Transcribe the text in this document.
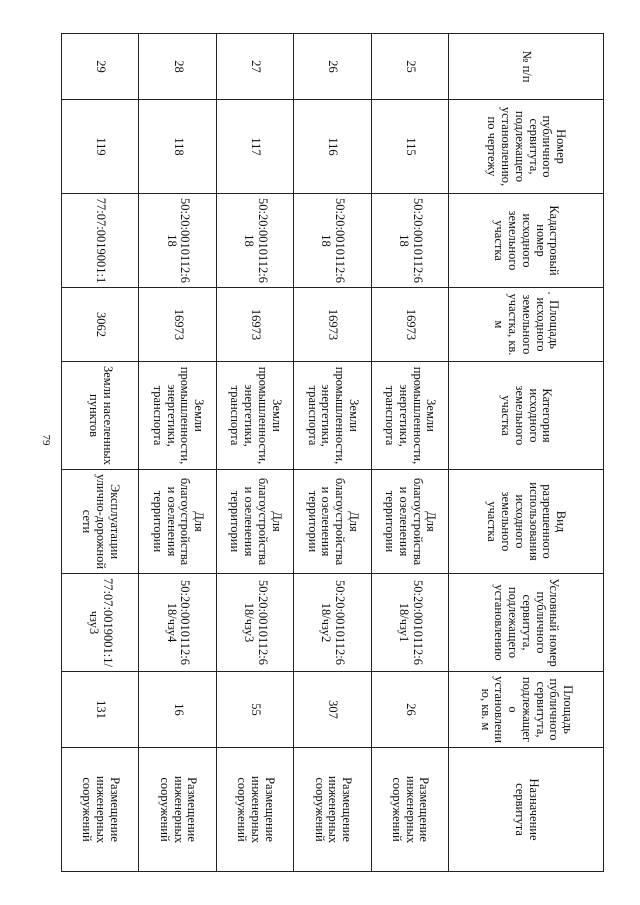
79
№ п/п	Номер публичного сервитута, подлежащего установлению, по чертежу	Кадастровый номер исходного земельного участка	Площадь исходного земельного участка, кв. м	Категория исходного земельного участка	Вид разрешенного использования исходного земельного участка	Условный номер публичного сервитута, подлежащего установлению	Площадь публичного сервитута, подлежащего установлению, кв. м	Назначение сервитута
25	115	50:20:0010112:618	16973	Земли промышленности, энергетики, транспорта	Для благоустройства и озеленения территории	50:20:0010112:618/чзу1	26	Размещение инженерных сооружений
26	116	50:20:0010112:618	16973	Земли промышленности, энергетики, транспорта	Для благоустройства и озеленения территории	50:20:0010112:618/чзу2	307	Размещение инженерных сооружений
27	117	50:20:0010112:618	16973	Земли промышленности, энергетики, транспорта	Для благоустройства и озеленения территории	50:20:0010112:618/чзу3	55	Размещение инженерных сооружений
28	118	50:20:0010112:618	16973	Земли промышленности, энергетики, транспорта	Для благоустройства и озеленения территории	50:20:0010112:618/чзу4	16	Размещение инженерных сооружений
29	119	77:07:0019001:1	3062	Земли населенных пунктов	Эксплуатации улично-дорожной сети	77:07:0019001:1/чзу3	131	Размещение инженерных сооружений
